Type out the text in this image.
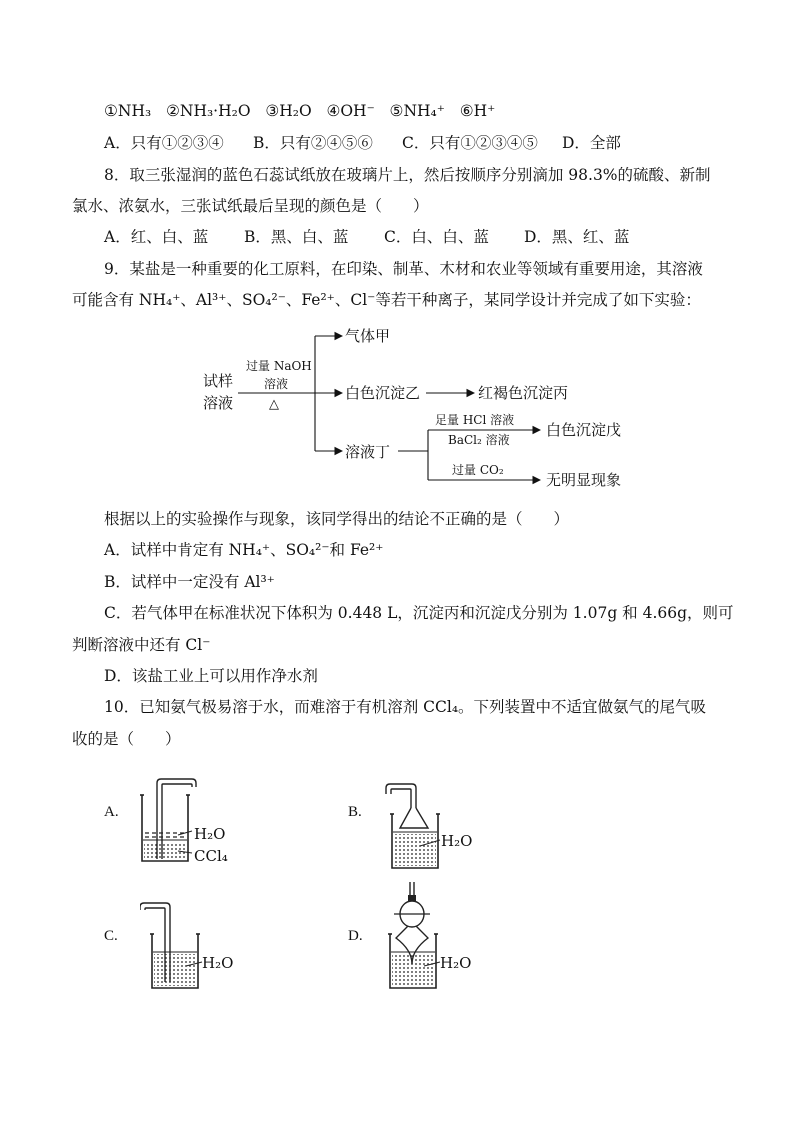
①NH₃ ②NH₃·H₂O ③H₂O ④OH⁻ ⑤NH₄⁺ ⑥H⁺
A．只有①②③④ B．只有②④⑤⑥ C．只有①②③④⑤ D．全部
8．取三张湿润的蓝色石蕊试纸放在玻璃片上，然后按顺序分别滴加 98.3%的硫酸、新制
氯水、浓氨水，三张试纸最后呈现的颜色是（　　）
A．红、白、蓝 B．黑、白、蓝 C．白、白、蓝 D．黑、红、蓝
9．某盐是一种重要的化工原料，在印染、制革、木材和农业等领域有重要用途，其溶液
可能含有 NH₄⁺、Al³⁺、SO₄²⁻、Fe²⁺、Cl⁻等若干种离子，某同学设计并完成了如下实验：
试样
溶液
过量 NaOH
溶液
△
气体甲
白色沉淀乙	红褐色沉淀丙
溶液丁
足量 HCl 溶液
BaCl₂ 溶液
白色沉淀戊
过量 CO₂
无明显现象
根据以上的实验操作与现象，该同学得出的结论不正确的是（　　）
A．试样中肯定有 NH₄⁺、SO₄²⁻和 Fe²⁺
B．试样中一定没有 Al³⁺
C．若气体甲在标准状况下体积为 0.448 L，沉淀丙和沉淀戊分别为 1.07g 和 4.66g，则可
判断溶液中还有 Cl⁻
D．该盐工业上可以用作净水剂
10．已知氨气极易溶于水，而难溶于有机溶剂 CCl₄。下列装置中不适宜做氨气的尾气吸
收的是（　　）
A.
H₂O
CCl₄
B.
H₂O
C.
H₂O
D.
H₂O
